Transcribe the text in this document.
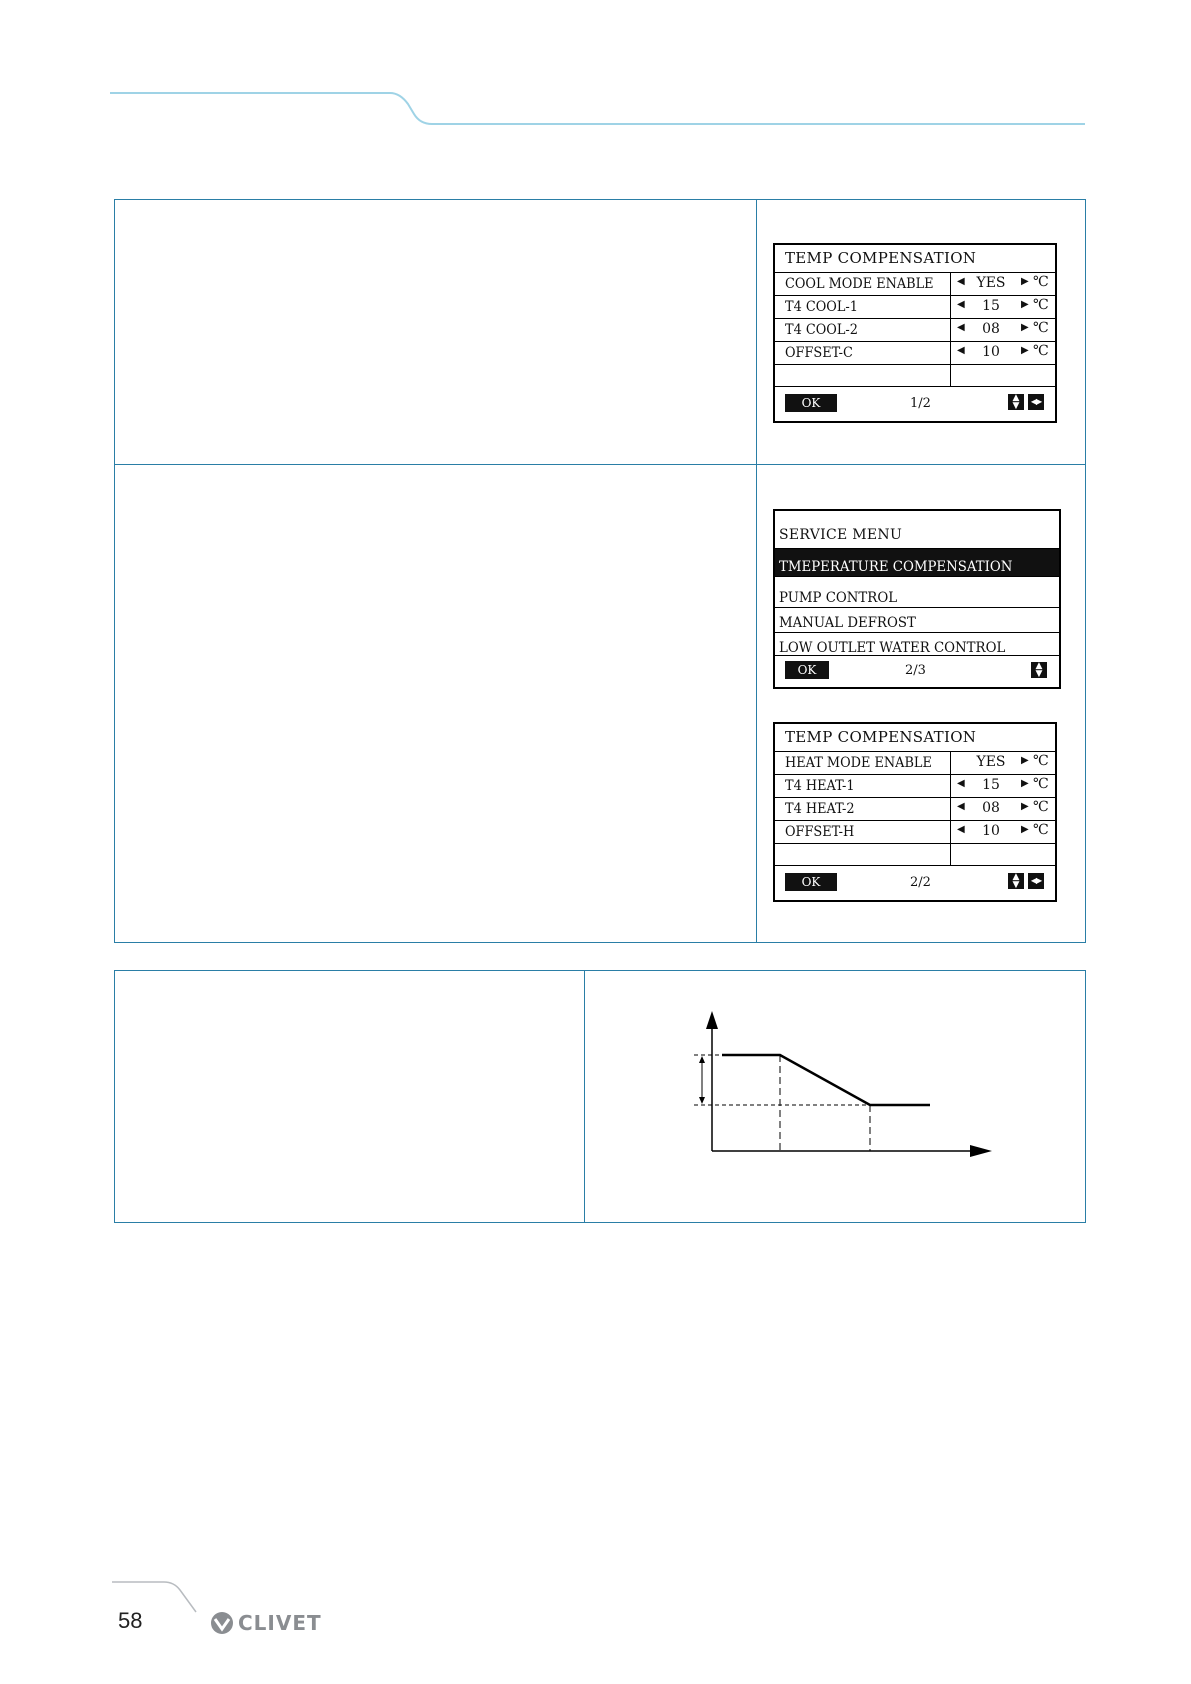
TEMP COMPENSATION
COOL MODE ENABLE ◀ YES	▶ ℃
T4 COOL-1	◀	15	▶ ℃
T4 COOL-2	◀	08	▶ ℃
OFFSET-C	◀	10	▶ ℃
OK	1/2	▲
▼	◀▶
SERVICE MENU
TMEPERATURE COMPENSATION
PUMP CONTROL
MANUAL DEFROST
LOW OUTLET WATER CONTROL
OK	2/3	▲
▼
TEMP COMPENSATION
HEAT MODE ENABLE	YES	▶ ℃
T4 HEAT-1	◀	15	▶ ℃
T4 HEAT-2	◀	08	▶ ℃
OFFSET-H	◀	10	▶ ℃
OK	2/2	▲
▼	◀▶
58	CLIVET
